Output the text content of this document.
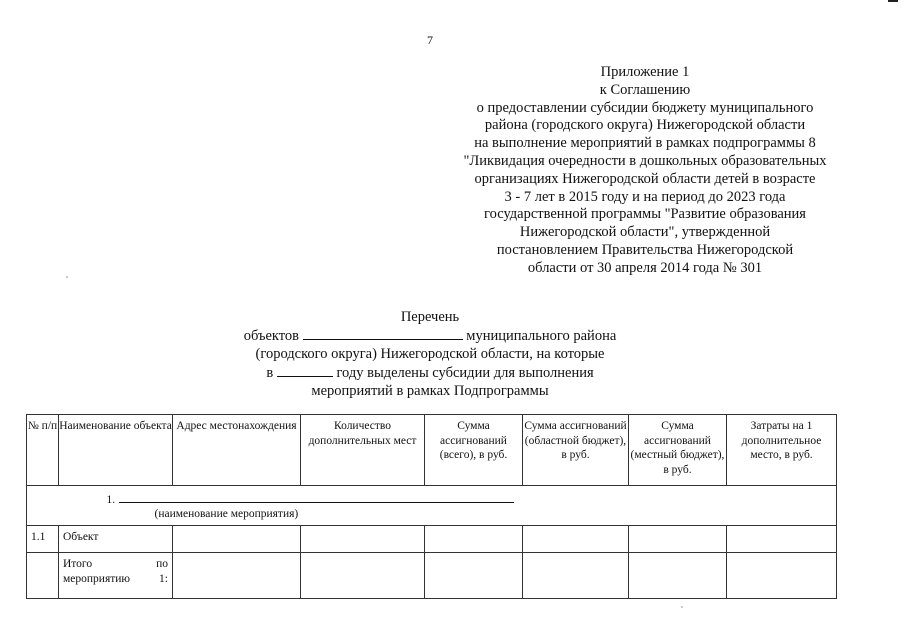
7
Приложение 1
к Соглашению
о предоставлении субсидии бюджету муниципального
района (городского округа) Нижегородской области
на выполнение мероприятий в рамках подпрограммы 8
"Ликвидация очередности в дошкольных образовательных
организациях Нижегородской области детей в возрасте
3 - 7 лет в 2015 году и на период до 2023 года
государственной программы "Развитие образования
Нижегородской области", утвержденной
постановлением Правительства Нижегородской
области от 30 апреля 2014 года № 301
Перечень
объектов	муниципального района
(городского округа) Нижегородской области, на которые
в	году выделены субсидии для выполнения
мероприятий в рамках Подпрограммы
№ п/п	Наименование объекта	Адрес местонахождения	Количество дополнительных мест	Сумма ассигнований (всего), в руб.	Сумма ассигнований (областной бюджет), в руб.	Сумма ассигнований (местный бюджет), в руб.	Затраты на 1 дополнительное место, в руб.

	1.
(наименование мероприятия)						

1.1	Объект						

	Итого по
мероприятию 1:						
